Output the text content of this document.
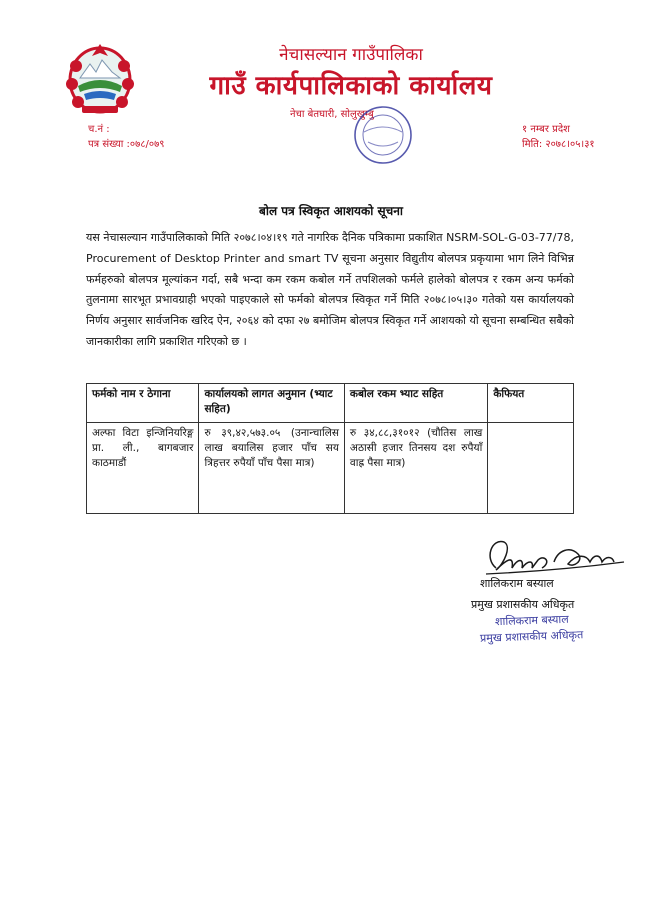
नेचासल्यान गाउँपालिका
गाउँ कार्यपालिकाको कार्यालय
नेचा बेतघारी, सोलुखुम्बु
च.नं :
पत्र संख्या :०७८/०७९
१ नम्बर प्रदेश
मिति: २०७८।०५।३१
बोल पत्र स्विकृत आशयको सूचना
यस नेचासल्यान गाउँपालिकाको मिति २०७८।०४।१९ गते नागरिक दैनिक पत्रिकामा प्रकाशित NSRM-SOL-G-03-77/78, Procurement of Desktop Printer and smart TV सूचना अनुसार विद्युतीय बोलपत्र प्रकृयामा भाग लिने विभिन्न फर्महरुको बोलपत्र मूल्यांकन गर्दा, सबै भन्दा कम रकम कबोल गर्ने तपशिलको फर्मले हालेको बोलपत्र र रकम अन्य फर्मको तुलनामा सारभूत प्रभावग्राही भएको पाइएकाले सो फर्मको बोलपत्र स्विकृत गर्ने मिति २०७८।०५।३० गतेको यस कार्यालयको निर्णय अनुसार सार्वजनिक खरिद ऐन, २०६४ को दफा २७ बमोजिम बोलपत्र स्विकृत गर्ने आशयको यो सूचना सम्बन्धित सबैको जानकारीका लागि प्रकाशित गरिएको छ ।
फर्मको नाम र ठेगाना	कार्यालयको लागत अनुमान (भ्याट सहित)	कबोल रकम भ्याट सहित	कैफियत
अल्फा विटा इन्जिनियरिङ्ग प्रा. ली., बागबजार काठमाडौं	रु ३९,४२,५७३.०५ (उनान्चालिस लाख बयालिस हजार पाँच सय त्रिहत्तर रुपैयाँ पाँच पैसा मात्र)	रु ३४,८८,३१०१२ (चौतिस लाख अठासी हजार तिनसय दश रुपैयाँ वाह्र पैसा मात्र)	
शालिकराम बस्याल
प्रमुख प्रशासकीय अधिकृत
शालिकराम बस्याल
प्रमुख प्रशासकीय अधिकृत
